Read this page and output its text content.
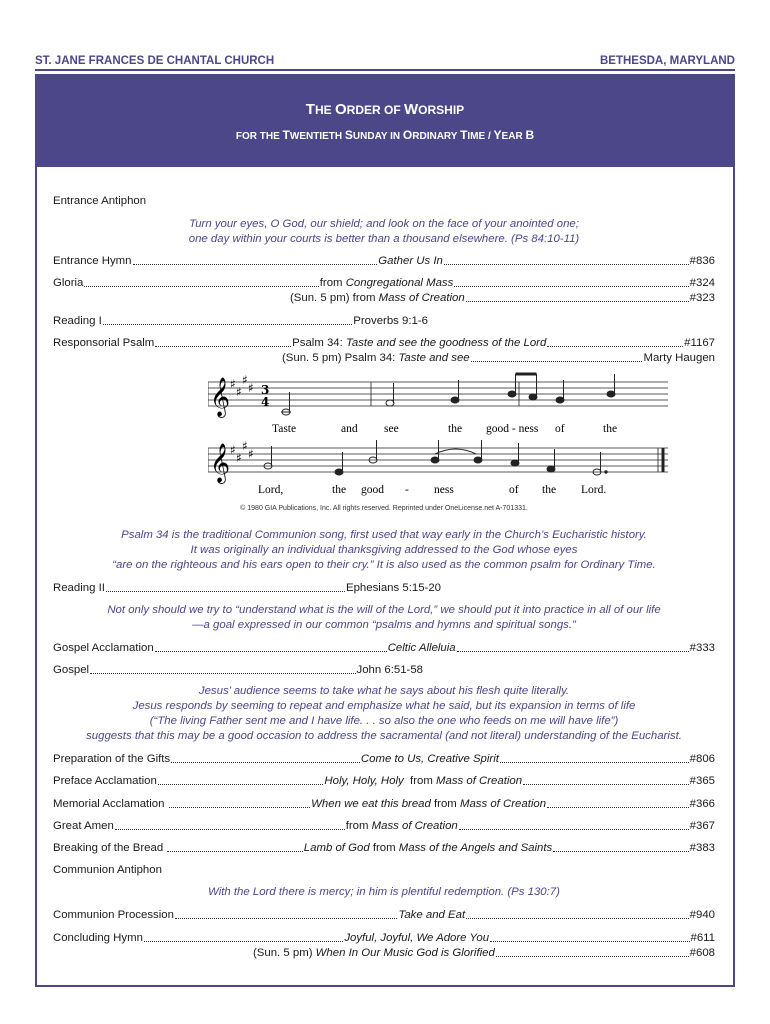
ST. JANE FRANCES DE CHANTAL CHURCH	BETHESDA, MARYLAND
THE ORDER OF WORSHIP
FOR THE TWENTIETH SUNDAY IN ORDINARY TIME / YEAR B
Entrance Antiphon
Turn your eyes, O God, our shield; and look on the face of your anointed one;
one day within your courts is better than a thousand elsewhere. (Ps 84:10-11)
Entrance Hymn	Gather Us In	#836
Gloria	from Congregational Mass	#324
(Sun. 5 pm) from Mass of Creation	#323
Reading I	Proverbs 9:1-6
Responsorial Psalm	Psalm 34: Taste and see the goodness of the Lord	#1167
(Sun. 5 pm) Psalm 34: Taste and see	Marty Haugen
𝄞 ♯
♯
♯
♯ 3
4
Taste	and see	the good - ness of	the
𝄞 ♯
♯
♯
♯
Lord,	the good - ness	of the Lord.
© 1980 GIA Publications, Inc. All rights reserved. Reprinted under OneLicense.net A-701331.
Psalm 34 is the traditional Communion song, first used that way early in the Church’s Eucharistic history.
It was originally an individual thanksgiving addressed to the God whose eyes
“are on the righteous and his ears open to their cry.” It is also used as the common psalm for Ordinary Time.
Reading II	Ephesians 5:15-20
Not only should we try to “understand what is the will of the Lord,” we should put it into practice in all of our life
—a goal expressed in our common “psalms and hymns and spiritual songs.”
Gospel Acclamation	Celtic Alleluia	#333
Gospel	John 6:51-58
Jesus’ audience seems to take what he says about his flesh quite literally.
Jesus responds by seeming to repeat and emphasize what he said, but its expansion in terms of life
(“The living Father sent me and I have life. . . so also the one who feeds on me will have life”)
suggests that this may be a good occasion to address the sacramental (and not literal) understanding of the Eucharist.
Preparation of the Gifts	Come to Us, Creative Spirit	#806
Preface Acclamation	Holy, Holy, Holy  from Mass of Creation	#365
Memorial Acclamation	When we eat this bread from Mass of Creation	#366
Great Amen	from Mass of Creation	#367
Breaking of the Bread	Lamb of God from Mass of the Angels and Saints	#383
Communion Antiphon
With the Lord there is mercy; in him is plentiful redemption. (Ps 130:7)
Communion Procession	Take and Eat	#940
Concluding Hymn	Joyful, Joyful, We Adore You	#611
(Sun. 5 pm) When In Our Music God is Glorified	#608
